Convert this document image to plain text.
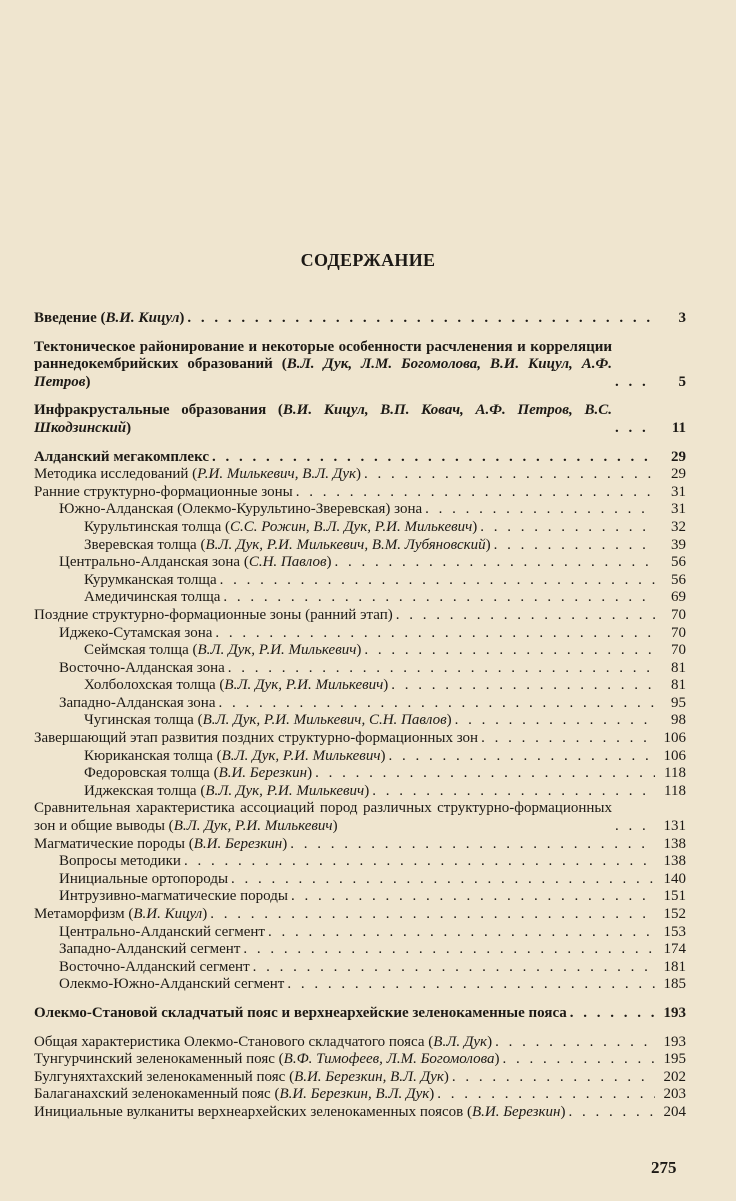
СОДЕРЖАНИЕ
Введение (В.И. Кицул) . . .	3
Тектоническое районирование и некоторые особенности расчленения и корреляции раннедокембрийских образований (В.Л. Дук, Л.М. Богомолова, В.И. Кицул, А.Ф. Петров) . . .	5
Инфракрустальные образования (В.И. Кицул, В.П. Ковач, А.Ф. Петров, В.С. Шкодзинский) . . .	11
Алданский мегакомплекс . . .	29
Методика исследований (Р.И. Милькевич, В.Л. Дук) . . .	29
Ранние структурно-формационные зоны . . .	31
Южно-Алданская (Олекмо-Курультино-Зверевская) зона . . .	31
Курультинская толща (С.С. Рожин, В.Л. Дук, Р.И. Милькевич) . . .	32
Зверевская толща (В.Л. Дук, Р.И. Милькевич, В.М. Лубяновский) . . .	39
Центрально-Алданская зона (С.Н. Павлов) . . .	56
Курумканская толща . . .	56
Амедичинская толща . . .	69
Поздние структурно-формационные зоны (ранний этап) . . .	70
Иджеко-Сутамская зона . . .	70
Сеймская толща (В.Л. Дук, Р.И. Милькевич) . . .	70
Восточно-Алданская зона . . .	81
Холболохская толща (В.Л. Дук, Р.И. Милькевич) . . .	81
Западно-Алданская зона . . .	95
Чугинская толща (В.Л. Дук, Р.И. Милькевич, С.Н. Павлов) . . .	98
Завершающий этап развития поздних структурно-формационных зон . . .	106
Кюриканская толща (В.Л. Дук, Р.И. Милькевич) . . .	106
Федоровская толща (В.И. Березкин) . . .	118
Иджекская толща (В.Л. Дук, Р.И. Милькевич) . . .	118
Сравнительная характеристика ассоциаций пород различных структурно-формационных зон и общие выводы (В.Л. Дук, Р.И. Милькевич) . . .	131
Магматические породы (В.И. Березкин) . . .	138
Вопросы методики . . .	138
Инициальные ортопороды . . .	140
Интрузивно-магматические породы . . .	151
Метаморфизм (В.И. Кицул) . . .	152
Центрально-Алданский сегмент . . .	153
Западно-Алданский сегмент . . .	174
Восточно-Алданский сегмент . . .	181
Олекмо-Южно-Алданский сегмент . . .	185
Олекмо-Становой складчатый пояс и верхнеархейские зеленокаменные пояса . . .	193
Общая характеристика Олекмо-Станового складчатого пояса (В.Л. Дук) . . .	193
Тунгурчинский зеленокаменный пояс (В.Ф. Тимофеев, Л.М. Богомолова) . . .	195
Булгуняхтахский зеленокаменный пояс (В.И. Березкин, В.Л. Дук) . . .	202
Балаганахский зеленокаменный пояс (В.И. Березкин, В.Л. Дук) . . .	203
Инициальные вулканиты верхнеархейских зеленокаменных поясов (В.И. Березкин) . . .	204
275
